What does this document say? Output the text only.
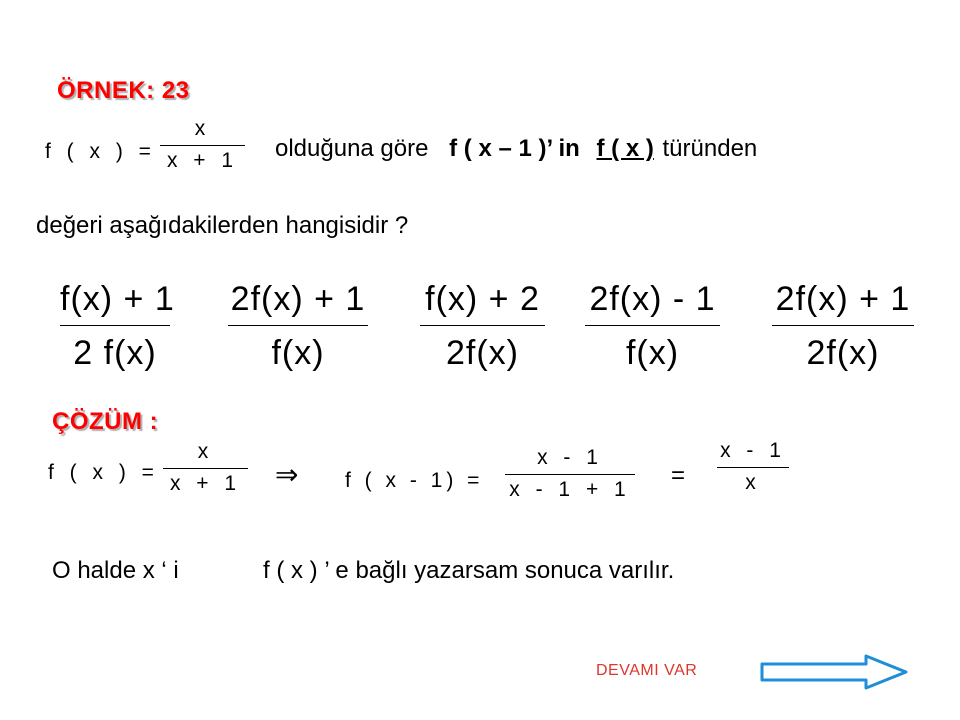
ÖRNEK: 23
f ( x ) =
x
x + 1 olduğuna göre f ( x – 1 )’ in f ( x ) türünden
değeri aşağıdakilerden hangisidir ?
f(x) + 1
2 f(x)
2f(x) + 1
f(x)
f(x) + 2
2f(x)
2f(x) - 1
f(x)
2f(x) + 1
2f(x)
ÇÖZÜM :
f ( x ) =
x
x + 1 ⇒ f ( x - 1) =
x - 1
x - 1 + 1
=
x - 1
x
O halde x ‘ i	f ( x ) ’ e bağlı yazarsam sonuca varılır.
DEVAMI VAR
